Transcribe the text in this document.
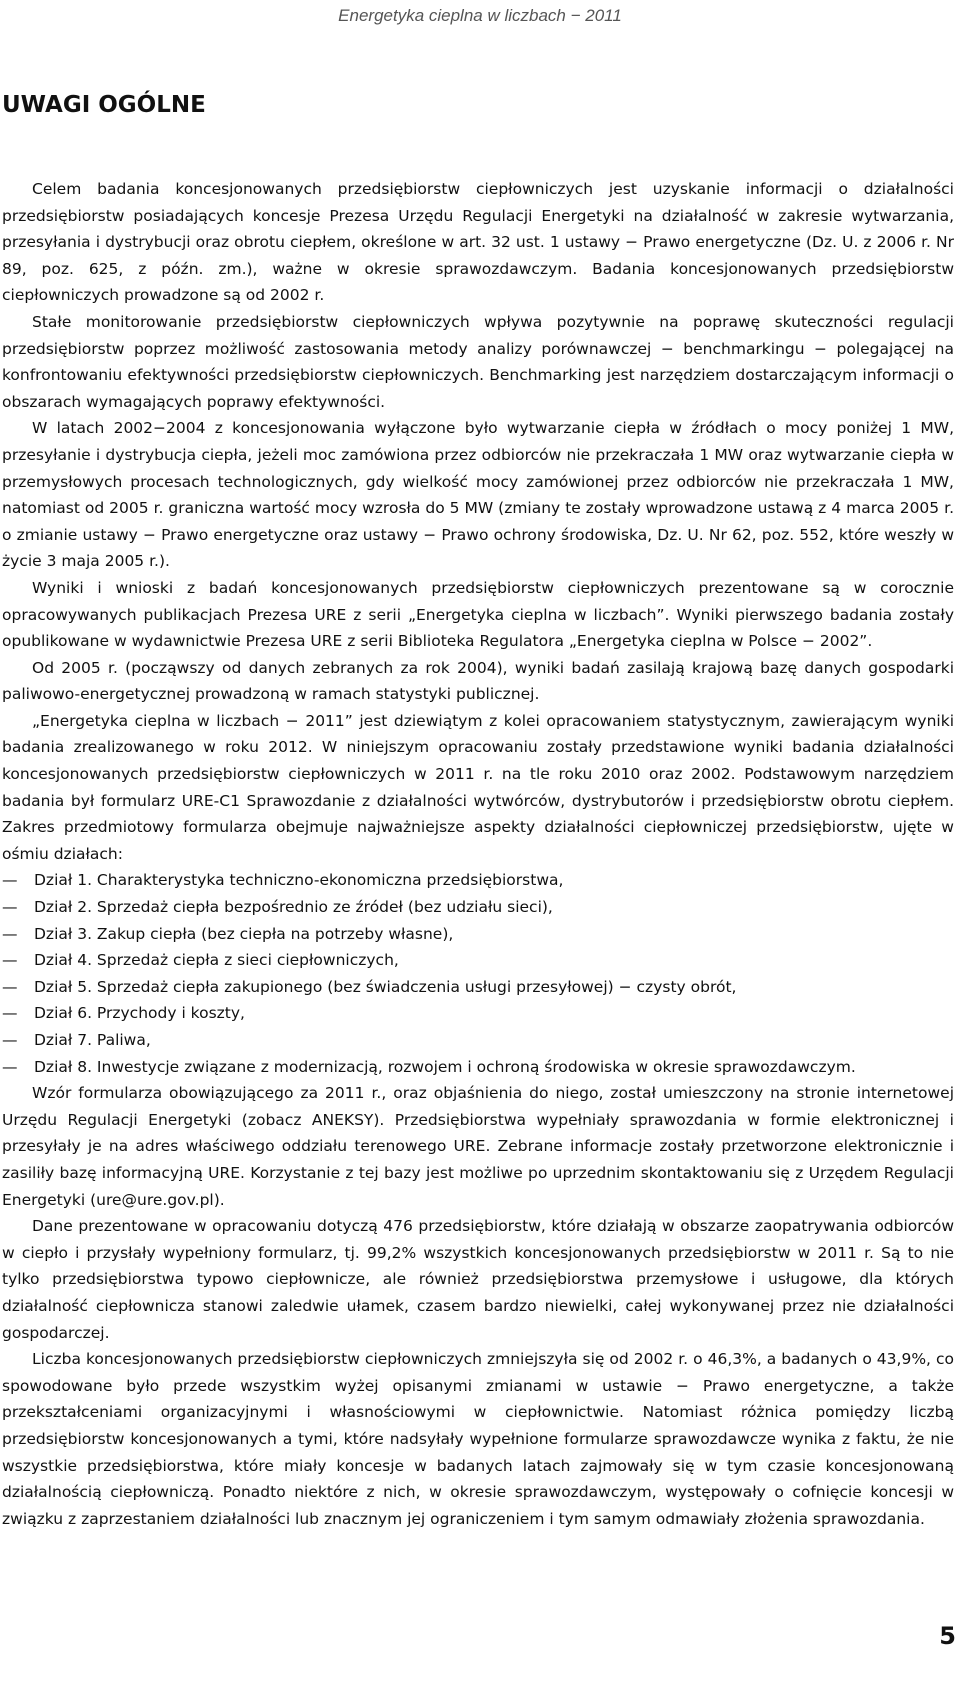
Energetyka cieplna w liczbach − 2011
UWAGI OGÓLNE

Celem badania koncesjonowanych przedsiębiorstw ciepłowniczych jest uzyskanie informacji o działalności przedsiębiorstw posiadających koncesje Prezesa Urzędu Regulacji Energetyki na działalność w zakresie wytwarzania, przesyłania i dystrybucji oraz obrotu ciepłem, określone w art. 32 ust. 1 ustawy − Prawo energetyczne (Dz. U. z 2006 r. Nr 89, poz. 625, z późn. zm.), ważne w okresie sprawozdawczym. Badania koncesjonowanych przedsiębiorstw ciepłowniczych prowadzone są od 2002 r.

Stałe monitorowanie przedsiębiorstw ciepłowniczych wpływa pozytywnie na poprawę skuteczności regulacji przedsiębiorstw poprzez możliwość zastosowania metody analizy porównawczej − benchmarkingu − polegającej na konfrontowaniu efektywności przedsiębiorstw ciepłowniczych. Benchmarking jest narzędziem dostarczającym informacji o obszarach wymagających poprawy efektywności.

W latach 2002−2004 z koncesjonowania wyłączone było wytwarzanie ciepła w źródłach o mocy poniżej 1 MW, przesyłanie i dystrybucja ciepła, jeżeli moc zamówiona przez odbiorców nie przekraczała 1 MW oraz wytwarzanie ciepła w przemysłowych procesach technologicznych, gdy wielkość mocy zamówionej przez odbiorców nie przekraczała 1 MW, natomiast od 2005 r. graniczna wartość mocy wzrosła do 5 MW (zmiany te zostały wprowadzone ustawą z 4 marca 2005 r. o zmianie ustawy − Prawo energetyczne oraz ustawy − Prawo ochrony środowiska, Dz. U. Nr 62, poz. 552, które weszły w życie 3 maja 2005 r.).

Wyniki i wnioski z badań koncesjonowanych przedsiębiorstw ciepłowniczych prezentowane są w corocznie opracowywanych publikacjach Prezesa URE z serii „Energetyka cieplna w liczbach”. Wyniki pierwszego badania zostały opublikowane w wydawnictwie Prezesa URE z serii Biblioteka Regulatora „Energetyka cieplna w Polsce − 2002”.

Od 2005 r. (począwszy od danych zebranych za rok 2004), wyniki badań zasilają krajową bazę danych gospodarki paliwowo-energetycznej prowadzoną w ramach statystyki publicznej.

„Energetyka cieplna w liczbach − 2011” jest dziewiątym z kolei opracowaniem statystycznym, zawierającym wyniki badania zrealizowanego w roku 2012. W niniejszym opracowaniu zostały przedstawione wyniki badania działalności koncesjonowanych przedsiębiorstw ciepłowniczych w 2011 r. na tle roku 2010 oraz 2002. Podstawowym narzędziem badania był formularz URE-C1 Sprawozdanie z działalności wytwórców, dystrybutorów i przedsiębiorstw obrotu ciepłem. Zakres przedmiotowy formularza obejmuje najważniejsze aspekty działalności ciepłowniczej przedsiębiorstw, ujęte w ośmiu działach:

— Dział 1. Charakterystyka techniczno-ekonomiczna przedsiębiorstwa,
— Dział 2. Sprzedaż ciepła bezpośrednio ze źródeł (bez udziału sieci),
— Dział 3. Zakup ciepła (bez ciepła na potrzeby własne),
— Dział 4. Sprzedaż ciepła z sieci ciepłowniczych,
— Dział 5. Sprzedaż ciepła zakupionego (bez świadczenia usługi przesyłowej) − czysty obrót,
— Dział 6. Przychody i koszty,
— Dział 7. Paliwa,
— Dział 8. Inwestycje związane z modernizacją, rozwojem i ochroną środowiska w okresie sprawozdawczym.

Wzór formularza obowiązującego za 2011 r., oraz objaśnienia do niego, został umieszczony na stronie internetowej Urzędu Regulacji Energetyki (zobacz ANEKSY). Przedsiębiorstwa wypełniały sprawozdania w formie elektronicznej i przesyłały je na adres właściwego oddziału terenowego URE. Zebrane informacje zostały przetworzone elektronicznie i zasiliły bazę informacyjną URE. Korzystanie z tej bazy jest możliwe po uprzednim skontaktowaniu się z Urzędem Regulacji Energetyki (ure@ure.gov.pl).

Dane prezentowane w opracowaniu dotyczą 476 przedsiębiorstw, które działają w obszarze zaopatrywania odbiorców w ciepło i przysłały wypełniony formularz, tj. 99,2% wszystkich koncesjonowanych przedsiębiorstw w 2011 r. Są to nie tylko przedsiębiorstwa typowo ciepłownicze, ale również przedsiębiorstwa przemysłowe i usługowe, dla których działalność ciepłownicza stanowi zaledwie ułamek, czasem bardzo niewielki, całej wykonywanej przez nie działalności gospodarczej.

Liczba koncesjonowanych przedsiębiorstw ciepłowniczych zmniejszyła się od 2002 r. o 46,3%, a badanych o 43,9%, co spowodowane było przede wszystkim wyżej opisanymi zmianami w ustawie − Prawo energetyczne, a także przekształceniami organizacyjnymi i własnościowymi w ciepłownictwie. Natomiast różnica pomiędzy liczbą przedsiębiorstw koncesjonowanych a tymi, które nadsyłały wypełnione formularze sprawozdawcze wynika z faktu, że nie wszystkie przedsiębiorstwa, które miały koncesje w badanych latach zajmowały się w tym czasie koncesjonowaną działalnością ciepłowniczą. Ponadto niektóre z nich, w okresie sprawozdawczym, występowały o cofnięcie koncesji w związku z zaprzestaniem działalności lub znacznym jej ograniczeniem i tym samym odmawiały złożenia sprawozdania.

5
